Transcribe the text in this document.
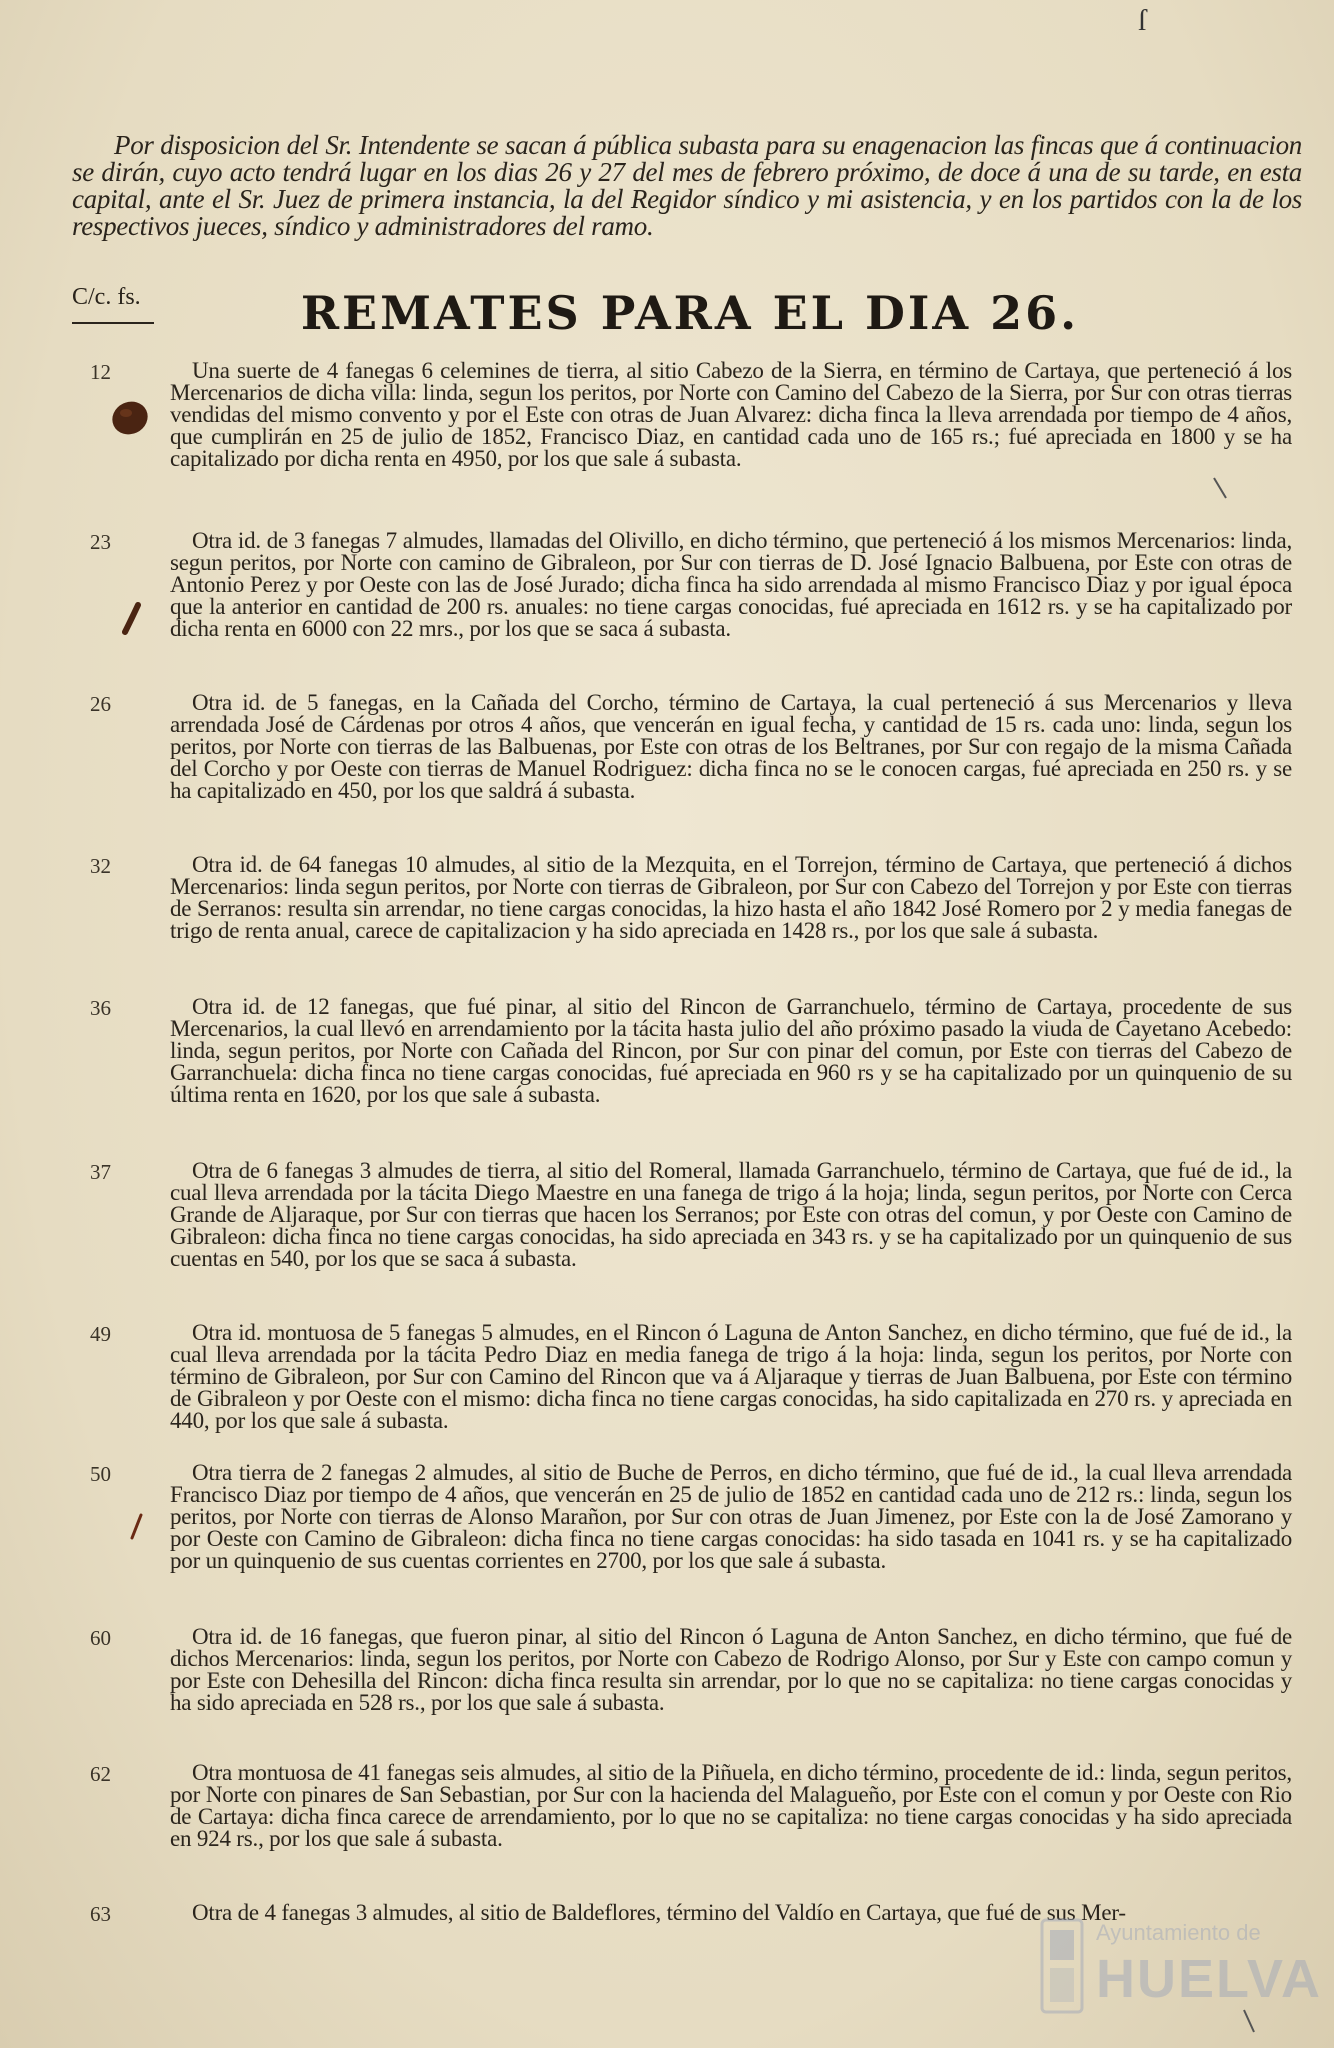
ſ
Por disposicion del Sr. Intendente se sacan á pública subasta para su enagenacion las fincas que á continuacion se dirán, cuyo acto tendrá lugar en los dias 26 y 27 del mes de febrero próximo, de doce á una de su tarde, en esta capital, ante el Sr. Juez de primera instancia, la del Regidor síndico y mi asistencia, y en los partidos con la de los respectivos jueces, síndico y administradores del ramo.
C/c. fs.	REMATES PARA EL DIA 26.
12	Una suerte de 4 fanegas 6 celemines de tierra, al sitio Cabezo de la Sierra, en término de Cartaya, que perteneció á los Mercenarios de dicha villa: linda, segun los peritos, por Norte con Camino del Cabezo de la Sierra, por Sur con otras tierras vendidas del mismo convento y por el Este con otras de Juan Alvarez: dicha finca la lleva arrendada por tiempo de 4 años, que cumplirán en 25 de julio de 1852, Francisco Diaz, en cantidad cada uno de 165 rs.; fué apreciada en 1800 y se ha capitalizado por dicha renta en 4950, por los que sale á subasta.
23	Otra id. de 3 fanegas 7 almudes, llamadas del Olivillo, en dicho término, que perteneció á los mismos Mercenarios: linda, segun peritos, por Norte con camino de Gibraleon, por Sur con tierras de D. José Ignacio Balbuena, por Este con otras de Antonio Perez y por Oeste con las de José Jurado; dicha finca ha sido arrendada al mismo Francisco Diaz y por igual época que la anterior en cantidad de 200 rs. anuales: no tiene cargas conocidas, fué apreciada en 1612 rs. y se ha capitalizado por dicha renta en 6000 con 22 mrs., por los que se saca á subasta.
26	Otra id. de 5 fanegas, en la Cañada del Corcho, término de Cartaya, la cual perteneció á sus Mercenarios y lleva arrendada José de Cárdenas por otros 4 años, que vencerán en igual fecha, y cantidad de 15 rs. cada uno: linda, segun los peritos, por Norte con tierras de las Balbuenas, por Este con otras de los Beltranes, por Sur con regajo de la misma Cañada del Corcho y por Oeste con tierras de Manuel Rodriguez: dicha finca no se le conocen cargas, fué apreciada en 250 rs. y se ha capitalizado en 450, por los que saldrá á subasta.
32	Otra id. de 64 fanegas 10 almudes, al sitio de la Mezquita, en el Torrejon, término de Cartaya, que perteneció á dichos Mercenarios: linda segun peritos, por Norte con tierras de Gibraleon, por Sur con Cabezo del Torrejon y por Este con tierras de Serranos: resulta sin arrendar, no tiene cargas conocidas, la hizo hasta el año 1842 José Romero por 2 y media fanegas de trigo de renta anual, carece de capitalizacion y ha sido apreciada en 1428 rs., por los que sale á subasta.
36	Otra id. de 12 fanegas, que fué pinar, al sitio del Rincon de Garranchuelo, término de Cartaya, procedente de sus Mercenarios, la cual llevó en arrendamiento por la tácita hasta julio del año próximo pasado la viuda de Cayetano Acebedo: linda, segun peritos, por Norte con Cañada del Rincon, por Sur con pinar del comun, por Este con tierras del Cabezo de Garranchuela: dicha finca no tiene cargas conocidas, fué apreciada en 960 rs y se ha capitalizado por un quinquenio de su última renta en 1620, por los que sale á subasta.
37	Otra de 6 fanegas 3 almudes de tierra, al sitio del Romeral, llamada Garranchuelo, término de Cartaya, que fué de id., la cual lleva arrendada por la tácita Diego Maestre en una fanega de trigo á la hoja; linda, segun peritos, por Norte con Cerca Grande de Aljaraque, por Sur con tierras que hacen los Serranos; por Este con otras del comun, y por Oeste con Camino de Gibraleon: dicha finca no tiene cargas conocidas, ha sido apreciada en 343 rs. y se ha capitalizado por un quinquenio de sus cuentas en 540, por los que se saca á subasta.
49	Otra id. montuosa de 5 fanegas 5 almudes, en el Rincon ó Laguna de Anton Sanchez, en dicho término, que fué de id., la cual lleva arrendada por la tácita Pedro Diaz en media fanega de trigo á la hoja: linda, segun los peritos, por Norte con término de Gibraleon, por Sur con Camino del Rincon que va á Aljaraque y tierras de Juan Balbuena, por Este con término de Gibraleon y por Oeste con el mismo: dicha finca no tiene cargas conocidas, ha sido capitalizada en 270 rs. y apreciada en 440, por los que sale á subasta.
50	Otra tierra de 2 fanegas 2 almudes, al sitio de Buche de Perros, en dicho término, que fué de id., la cual lleva arrendada Francisco Diaz por tiempo de 4 años, que vencerán en 25 de julio de 1852 en cantidad cada uno de 212 rs.: linda, segun los peritos, por Norte con tierras de Alonso Marañon, por Sur con otras de Juan Jimenez, por Este con la de José Zamorano y por Oeste con Camino de Gibraleon: dicha finca no tiene cargas conocidas: ha sido tasada en 1041 rs. y se ha capitalizado por un quinquenio de sus cuentas corrientes en 2700, por los que sale á subasta.
60	Otra id. de 16 fanegas, que fueron pinar, al sitio del Rincon ó Laguna de Anton Sanchez, en dicho término, que fué de dichos Mercenarios: linda, segun los peritos, por Norte con Cabezo de Rodrigo Alonso, por Sur y Este con campo comun y por Este con Dehesilla del Rincon: dicha finca resulta sin arrendar, por lo que no se capitaliza: no tiene cargas conocidas y ha sido apreciada en 528 rs., por los que sale á subasta.
62	Otra montuosa de 41 fanegas seis almudes, al sitio de la Piñuela, en dicho término, procedente de id.: linda, segun peritos, por Norte con pinares de San Sebastian, por Sur con la hacienda del Malagueño, por Este con el comun y por Oeste con Rio de Cartaya: dicha finca carece de arrendamiento, por lo que no se capitaliza: no tiene cargas conocidas y ha sido apreciada en 924 rs., por los que sale á subasta.
63	Otra de 4 fanegas 3 almudes, al sitio de Baldeflores, término del Valdío en Cartaya, que fué de sus Mer-
Ayuntamiento de
HUELVA
